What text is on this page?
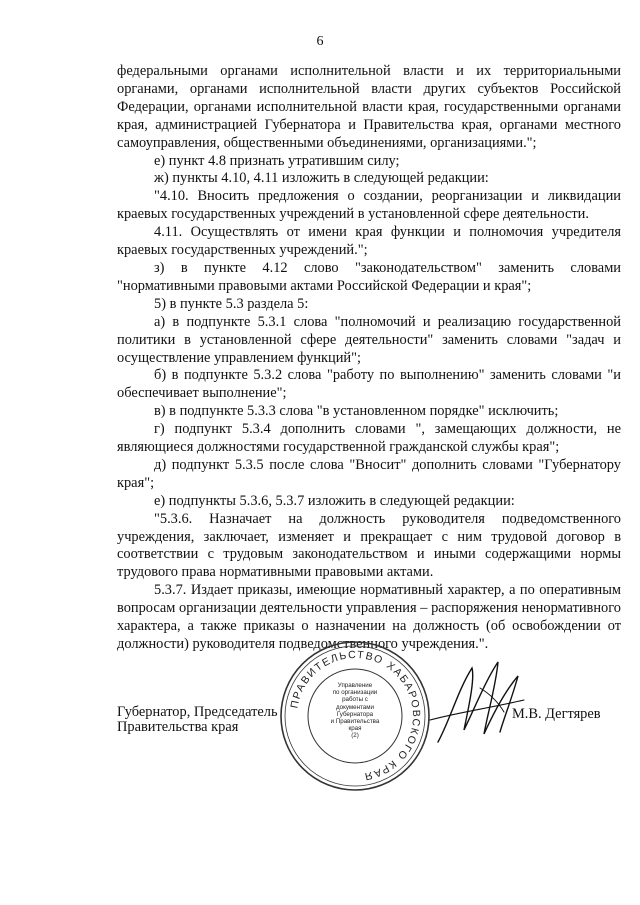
6

федеральными органами исполнительной власти и их территориальными органами, органами исполнительной власти других субъектов Российской Федерации, органами исполнительной власти края, государственными органами края, администрацией Губернатора и Правительства края, органами местного самоуправления, общественными объединениями, организациями.";

е) пункт 4.8 признать утратившим силу;

ж) пункты 4.10, 4.11 изложить в следующей редакции:

"4.10. Вносить предложения о создании, реорганизации и ликвидации краевых государственных учреждений в установленной сфере деятельности.

4.11. Осуществлять от имени края функции и полномочия учредителя краевых государственных учреждений.";

з) в пункте 4.12 слово "законодательством" заменить словами "нормативными правовыми актами Российской Федерации и края";

5) в пункте 5.3 раздела 5:

а) в подпункте 5.3.1 слова "полномочий и реализацию государственной политики в установленной сфере деятельности" заменить словами "задач и осуществление управлением функций";

б) в подпункте 5.3.2 слова "работу по выполнению" заменить словами "и обеспечивает выполнение";

в) в подпункте 5.3.3 слова "в установленном порядке" исключить;

г) подпункт 5.3.4 дополнить словами ", замещающих должности, не являющиеся должностями государственной гражданской службы края";

д) подпункт 5.3.5 после слова "Вносит" дополнить словами "Губернатору края";

е) подпункты 5.3.6, 5.3.7 изложить в следующей редакции:

"5.3.6. Назначает на должность руководителя подведомственного учреждения, заключает, изменяет и прекращает с ним трудовой договор в соответствии с трудовым законодательством и иными содержащими нормы трудового права нормативными правовыми актами.

5.3.7. Издает приказы, имеющие нормативный характер, а по оперативным вопросам организации деятельности управления – распоряжения ненормативного характера, а также приказы о назначении на должность (об освобождении от должности) руководителя подведомственного учреждения.".

Губернатор, Председатель
Правительства края
ПРАВИТЕЛЬСТВО ХАБАРОВСКОГО КРАЯ
Управление
по организации
работы с документами
Губернатора
и Правительства
края
(2)
М.В. Дегтярев
